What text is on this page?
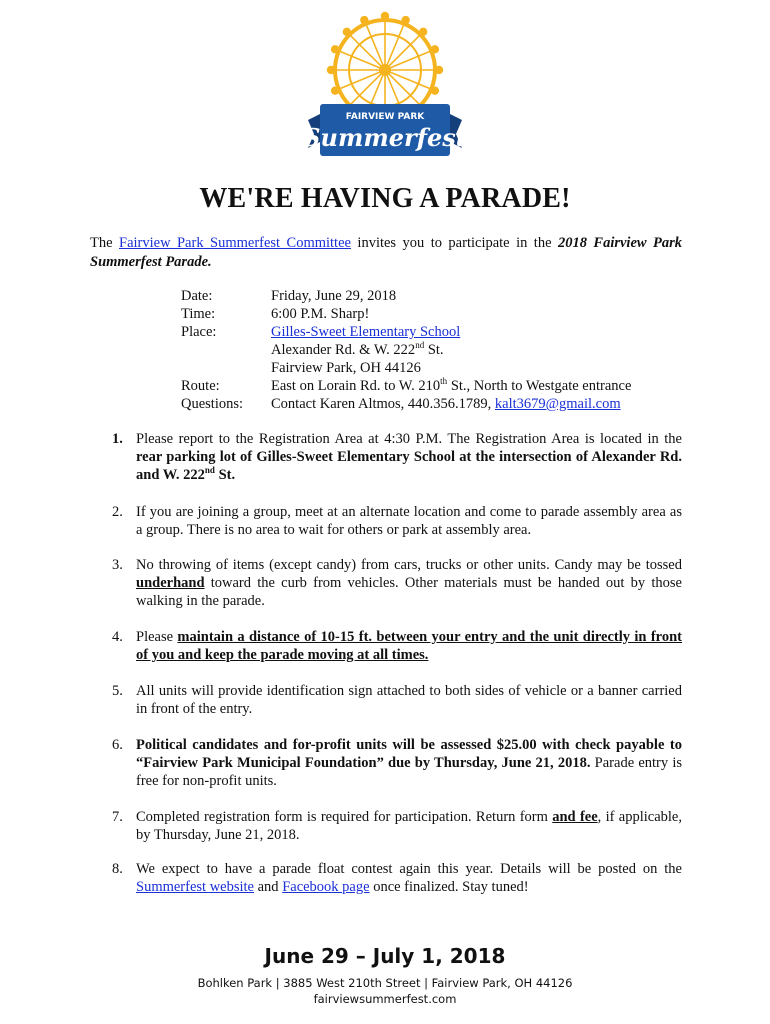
FAIRVIEW PARK
Summerfest
WE'RE HAVING A PARADE!
The Fairview Park Summerfest Committee invites you to participate in the 2018 Fairview Park Summerfest Parade.
Date:	Friday, June 29, 2018
Time:	6:00 P.M. Sharp!
Place:	Gilles-Sweet Elementary School
Alexander Rd. & W. 222nd St.
Fairview Park, OH 44126
Route:	East on Lorain Rd. to W. 210th St., North to Westgate entrance
Questions:	Contact Karen Altmos, 440.356.1789, kalt3679@gmail.com
1. Please report to the Registration Area at 4:30 P.M. The Registration Area is located in the rear parking lot of Gilles-Sweet Elementary School at the intersection of Alexander Rd. and W. 222nd St.
2. If you are joining a group, meet at an alternate location and come to parade assembly area as a group. There is no area to wait for others or park at assembly area.
3. No throwing of items (except candy) from cars, trucks or other units. Candy may be tossed underhand toward the curb from vehicles. Other materials must be handed out by those walking in the parade.
4. Please maintain a distance of 10-15 ft. between your entry and the unit directly in front of you and keep the parade moving at all times.
5. All units will provide identification sign attached to both sides of vehicle or a banner carried in front of the entry.
6. Political candidates and for-profit units will be assessed $25.00 with check payable to “Fairview Park Municipal Foundation” due by Thursday, June 21, 2018. Parade entry is free for non-profit units.
7. Completed registration form is required for participation. Return form and fee, if applicable, by Thursday, June 21, 2018.
8. We expect to have a parade float contest again this year. Details will be posted on the Summerfest website and Facebook page once finalized. Stay tuned!
June 29 – July 1, 2018
Bohlken Park | 3885 West 210th Street | Fairview Park, OH 44126
fairviewsummerfest.com
